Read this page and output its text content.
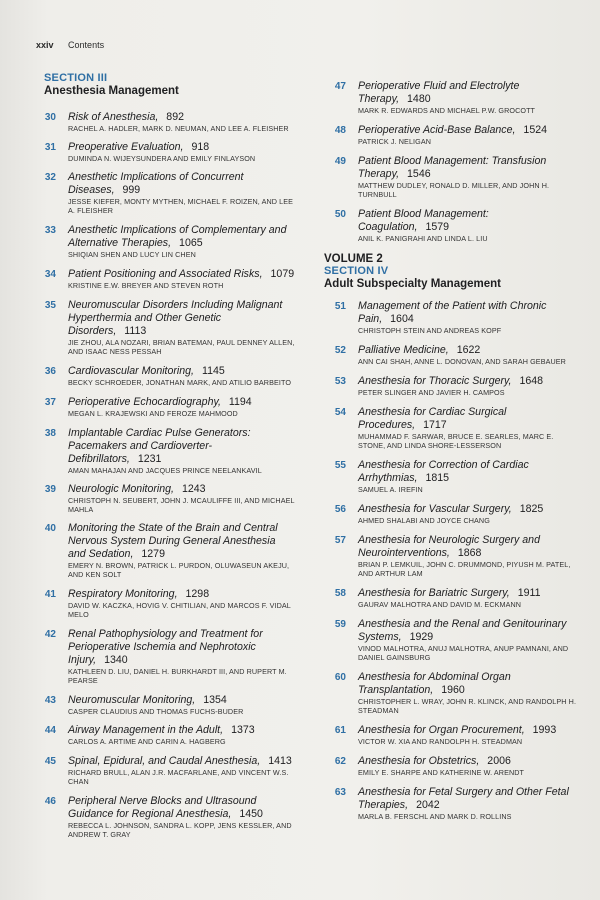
xxiv Contents
SECTION III
Anesthesia Management
30 Risk of Anesthesia, 892
RACHEL A. HADLER, MARK D. NEUMAN, AND LEE A. FLEISHER
31 Preoperative Evaluation, 918
DUMINDA N. WIJEYSUNDERA AND EMILY FINLAYSON
32 Anesthetic Implications of Concurrent Diseases, 999
JESSE KIEFER, MONTY MYTHEN, MICHAEL F. ROIZEN, AND LEE A. FLEISHER
33 Anesthetic Implications of Complementary and Alternative Therapies, 1065
SHIQIAN SHEN AND LUCY LIN CHEN
34 Patient Positioning and Associated Risks, 1079
KRISTINE E.W. BREYER AND STEVEN ROTH
35 Neuromuscular Disorders Including Malignant Hyperthermia and Other Genetic Disorders, 1113
JIE ZHOU, ALA NOZARI, BRIAN BATEMAN, PAUL DENNEY ALLEN, AND ISAAC NESS PESSAH
36 Cardiovascular Monitoring, 1145
BECKY SCHROEDER, JONATHAN MARK, AND ATILIO BARBEITO
37 Perioperative Echocardiography, 1194
MEGAN L. KRAJEWSKI AND FEROZE MAHMOOD
38 Implantable Cardiac Pulse Generators: Pacemakers and Cardioverter-Defibrillators, 1231
AMAN MAHAJAN AND JACQUES PRINCE NEELANKAVIL
39 Neurologic Monitoring, 1243
CHRISTOPH N. SEUBERT, JOHN J. MCAULIFFE III, AND MICHAEL MAHLA
40 Monitoring the State of the Brain and Central Nervous System During General Anesthesia and Sedation, 1279
EMERY N. BROWN, PATRICK L. PURDON, OLUWASEUN AKEJU, AND KEN SOLT
41 Respiratory Monitoring, 1298
DAVID W. KACZKA, HOVIG V. CHITILIAN, AND MARCOS F. VIDAL MELO
42 Renal Pathophysiology and Treatment for Perioperative Ischemia and Nephrotoxic Injury, 1340
KATHLEEN D. LIU, DANIEL H. BURKHARDT III, AND RUPERT M. PEARSE
43 Neuromuscular Monitoring, 1354
CASPER CLAUDIUS AND THOMAS FUCHS-BUDER
44 Airway Management in the Adult, 1373
CARLOS A. ARTIME AND CARIN A. HAGBERG
45 Spinal, Epidural, and Caudal Anesthesia, 1413
RICHARD BRULL, ALAN J.R. MACFARLANE, AND VINCENT W.S. CHAN
46 Peripheral Nerve Blocks and Ultrasound Guidance for Regional Anesthesia, 1450
REBECCA L. JOHNSON, SANDRA L. KOPP, JENS KESSLER, AND ANDREW T. GRAY
47 Perioperative Fluid and Electrolyte Therapy, 1480
MARK R. EDWARDS AND MICHAEL P.W. GROCOTT
48 Perioperative Acid-Base Balance, 1524
PATRICK J. NELIGAN
49 Patient Blood Management: Transfusion Therapy, 1546
MATTHEW DUDLEY, RONALD D. MILLER, AND JOHN H. TURNBULL
50 Patient Blood Management: Coagulation, 1579
ANIL K. PANIGRAHI AND LINDA L. LIU
VOLUME 2
SECTION IV
Adult Subspecialty Management
51 Management of the Patient with Chronic Pain, 1604
CHRISTOPH STEIN AND ANDREAS KOPF
52 Palliative Medicine, 1622
ANN CAI SHAH, ANNE L. DONOVAN, AND SARAH GEBAUER
53 Anesthesia for Thoracic Surgery, 1648
PETER SLINGER AND JAVIER H. CAMPOS
54 Anesthesia for Cardiac Surgical Procedures, 1717
MUHAMMAD F. SARWAR, BRUCE E. SEARLES, MARC E. STONE, AND LINDA SHORE-LESSERSON
55 Anesthesia for Correction of Cardiac Arrhythmias, 1815
SAMUEL A. IREFIN
56 Anesthesia for Vascular Surgery, 1825
AHMED SHALABI AND JOYCE CHANG
57 Anesthesia for Neurologic Surgery and Neurointerventions, 1868
BRIAN P. LEMKUIL, JOHN C. DRUMMOND, PIYUSH M. PATEL, AND ARTHUR LAM
58 Anesthesia for Bariatric Surgery, 1911
GAURAV MALHOTRA AND DAVID M. ECKMANN
59 Anesthesia and the Renal and Genitourinary Systems, 1929
VINOD MALHOTRA, ANUJ MALHOTRA, ANUP PAMNANI, AND DANIEL GAINSBURG
60 Anesthesia for Abdominal Organ Transplantation, 1960
CHRISTOPHER L. WRAY, JOHN R. KLINCK, AND RANDOLPH H. STEADMAN
61 Anesthesia for Organ Procurement, 1993
VICTOR W. XIA AND RANDOLPH H. STEADMAN
62 Anesthesia for Obstetrics, 2006
EMILY E. SHARPE AND KATHERINE W. ARENDT
63 Anesthesia for Fetal Surgery and Other Fetal Therapies, 2042
MARLA B. FERSCHL AND MARK D. ROLLINS
